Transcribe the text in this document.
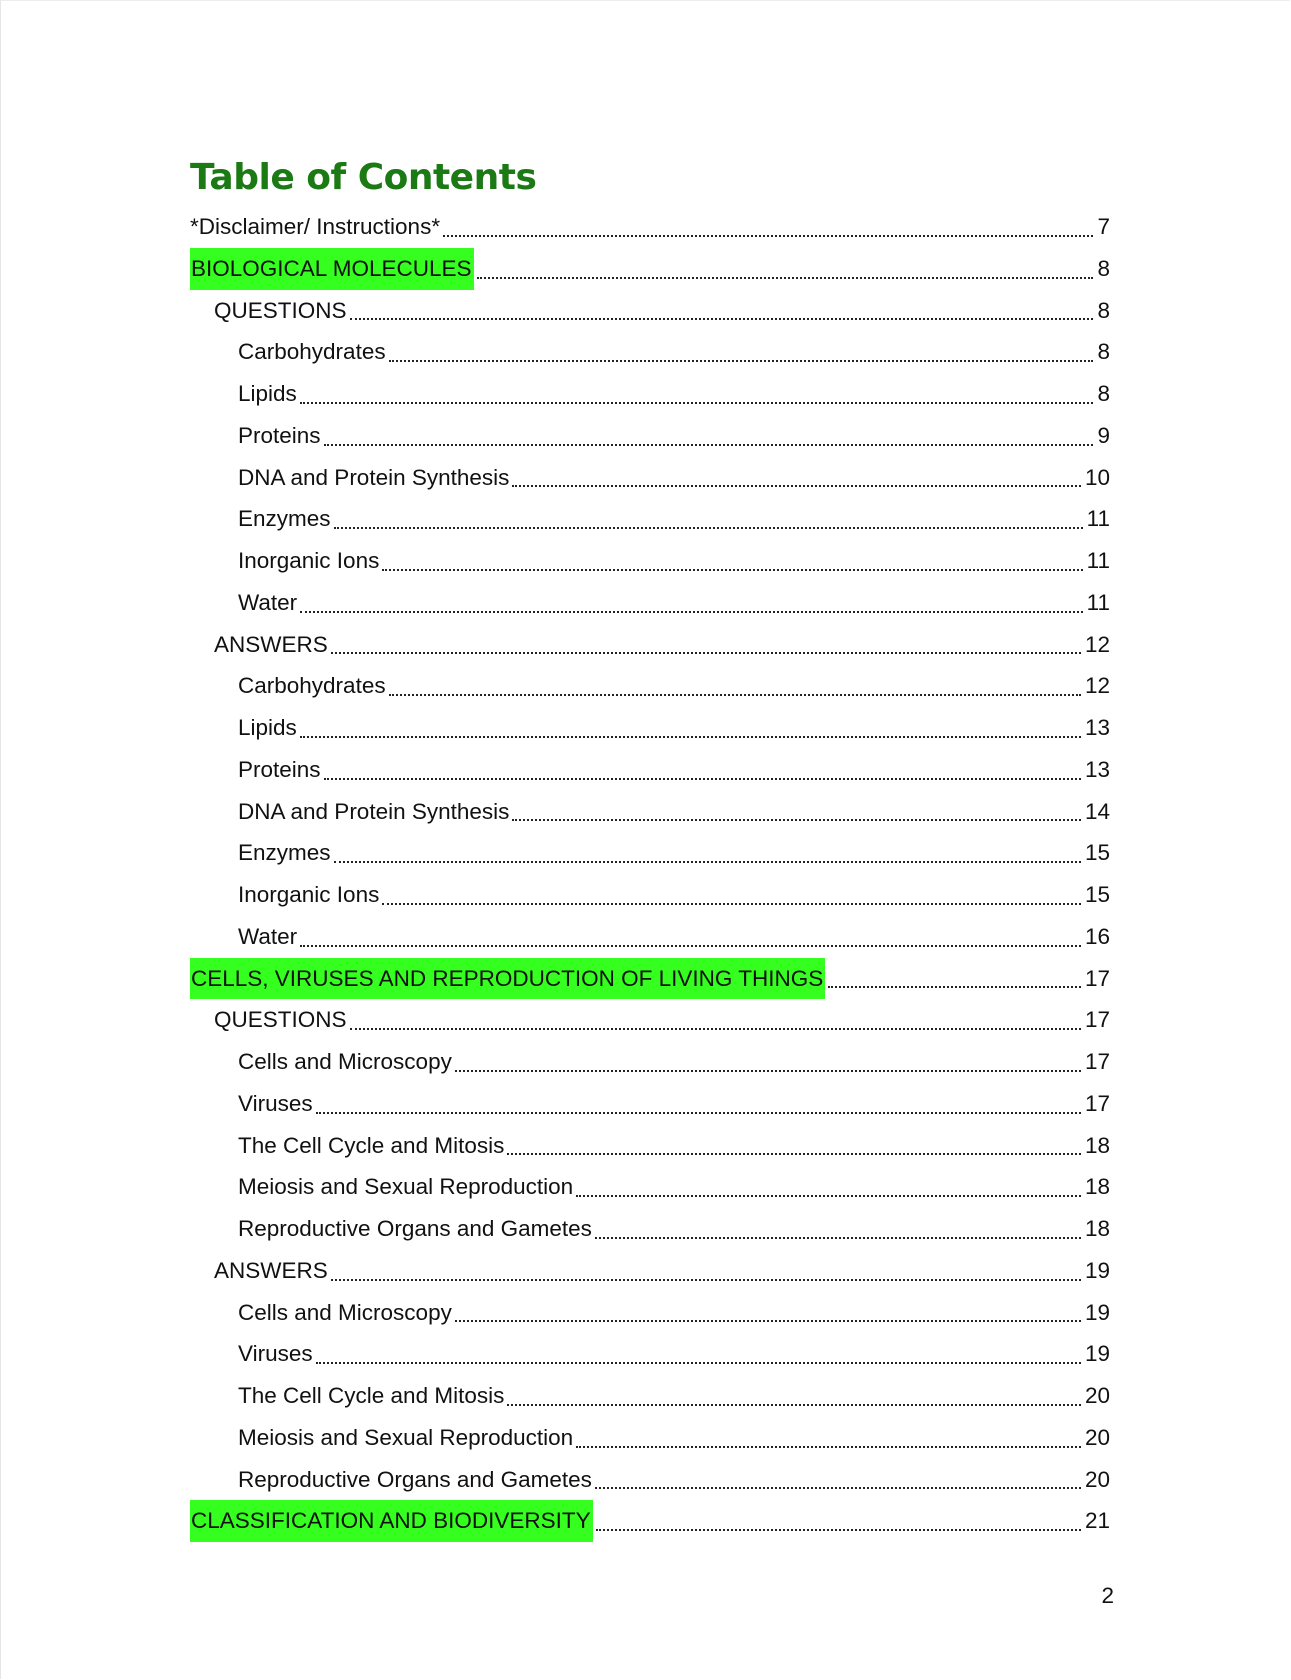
Table of Contents
*Disclaimer/ Instructions*	7
BIOLOGICAL MOLECULES	8
QUESTIONS	8
Carbohydrates	8
Lipids	8
Proteins	9
DNA and Protein Synthesis	10
Enzymes	11
Inorganic Ions	11
Water	11
ANSWERS	12
Carbohydrates	12
Lipids	13
Proteins	13
DNA and Protein Synthesis	14
Enzymes	15
Inorganic Ions	15
Water	16
CELLS, VIRUSES AND REPRODUCTION OF LIVING THINGS	17
QUESTIONS	17
Cells and Microscopy	17
Viruses	17
The Cell Cycle and Mitosis	18
Meiosis and Sexual Reproduction	18
Reproductive Organs and Gametes	18
ANSWERS	19
Cells and Microscopy	19
Viruses	19
The Cell Cycle and Mitosis	20
Meiosis and Sexual Reproduction	20
Reproductive Organs and Gametes	20
CLASSIFICATION AND BIODIVERSITY	21
2
